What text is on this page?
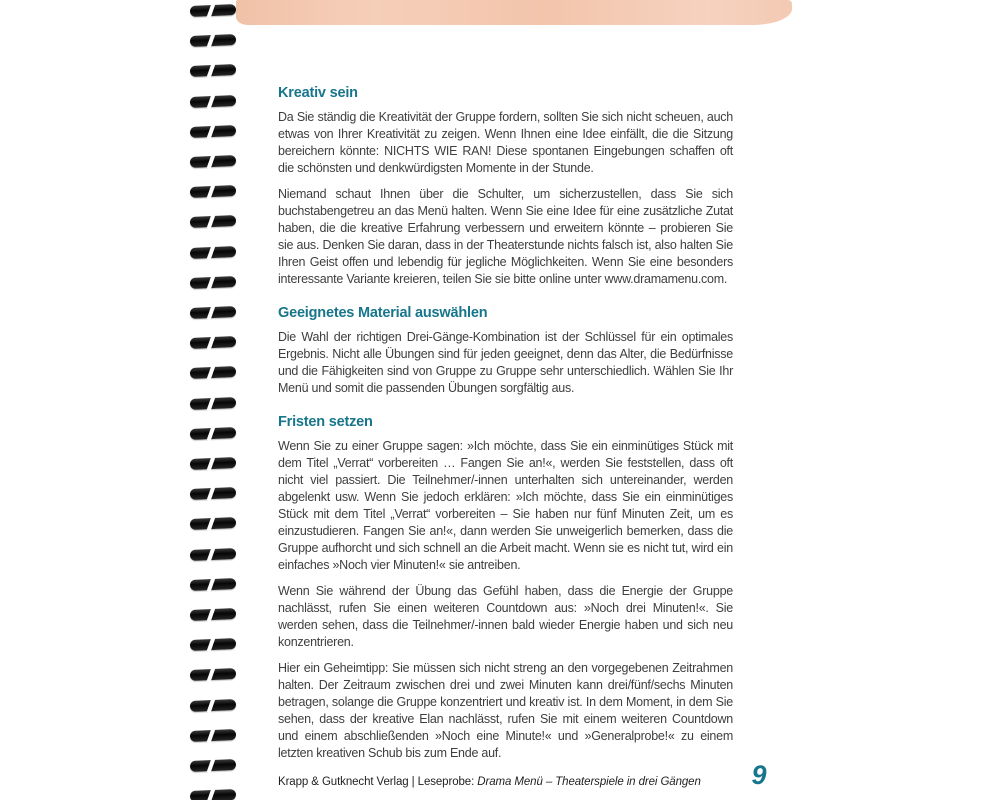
Kreativ sein

Da Sie ständig die Kreativität der Gruppe fordern, sollten Sie sich nicht scheuen, auch etwas von Ihrer Kreativität zu zeigen. Wenn Ihnen eine Idee einfällt, die die Sitzung bereichern könnte: NICHTS WIE RAN! Diese spontanen Eingebungen schaffen oft die schönsten und denkwürdigsten Momente in der Stunde.

Niemand schaut Ihnen über die Schulter, um sicherzustellen, dass Sie sich buchstabengetreu an das Menü halten. Wenn Sie eine Idee für eine zusätzliche Zutat haben, die die kreative Erfahrung verbessern und erweitern könnte – probieren Sie sie aus. Denken Sie daran, dass in der Theaterstunde nichts falsch ist, also halten Sie Ihren Geist offen und lebendig für jegliche Möglichkeiten. Wenn Sie eine besonders interessante Variante kreieren, teilen Sie sie bitte online unter www.dramamenu.com.

Geeignetes Material auswählen

Die Wahl der richtigen Drei-Gänge-Kombination ist der Schlüssel für ein optimales Ergebnis. Nicht alle Übungen sind für jeden geeignet, denn das Alter, die Bedürfnisse und die Fähigkeiten sind von Gruppe zu Gruppe sehr unterschiedlich. Wählen Sie Ihr Menü und somit die passenden Übungen sorgfältig aus.

Fristen setzen

Wenn Sie zu einer Gruppe sagen: »Ich möchte, dass Sie ein einminütiges Stück mit dem Titel „Verrat“ vorbereiten … Fangen Sie an!«, werden Sie feststellen, dass oft nicht viel passiert. Die Teilnehmer/-innen unterhalten sich untereinander, werden abgelenkt usw. Wenn Sie jedoch erklären: »Ich möchte, dass Sie ein einminütiges Stück mit dem Titel „Verrat“ vorbereiten – Sie haben nur fünf Minuten Zeit, um es einzustudieren. Fangen Sie an!«, dann werden Sie unweigerlich bemerken, dass die Gruppe aufhorcht und sich schnell an die Arbeit macht. Wenn sie es nicht tut, wird ein einfaches »Noch vier Minuten!« sie antreiben.

Wenn Sie während der Übung das Gefühl haben, dass die Energie der Gruppe nachlässt, rufen Sie einen weiteren Countdown aus: »Noch drei Minuten!«. Sie werden sehen, dass die Teilnehmer/-innen bald wieder Energie haben und sich neu konzentrieren.

Hier ein Geheimtipp: Sie müssen sich nicht streng an den vorgegebenen Zeitrahmen halten. Der Zeitraum zwischen drei und zwei Minuten kann drei/fünf/sechs Minuten betragen, solange die Gruppe konzentriert und kreativ ist. In dem Moment, in dem Sie sehen, dass der kreative Elan nachlässt, rufen Sie mit einem weiteren Countdown und einem abschließenden »Noch eine Minute!« und »Generalprobe!« zu einem letzten kreativen Schub bis zum Ende auf.

Krapp & Gutknecht Verlag | Leseprobe: Drama Menü – Theaterspiele in drei Gängen	9
